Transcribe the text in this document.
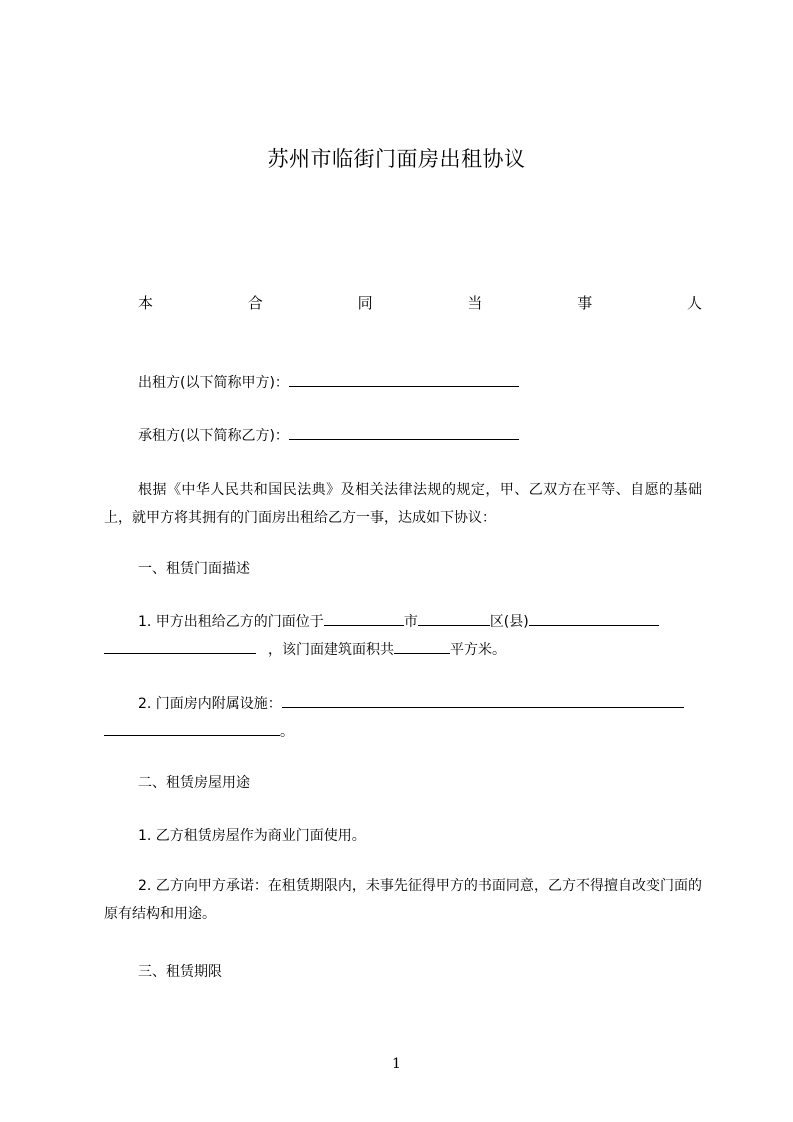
苏州市临街门面房出租协议
本	合	同	当	事	人
出租方(以下简称甲方)：
承租方(以下简称乙方)：
根据《中华人民共和国民法典》及相关法律法规的规定，甲、乙双方在平等、自愿的基础上，就甲方将其拥有的门面房出租给乙方一事，达成如下协议：
一、租赁门面描述
1. 甲方出租给乙方的门面位于	市	区(县)
，该门面建筑面积共	平方米。
2. 门面房内附属设施：
。
二、租赁房屋用途
1. 乙方租赁房屋作为商业门面使用。
2. 乙方向甲方承诺：在租赁期限内，未事先征得甲方的书面同意，乙方不得擅自改变门面的原有结构和用途。
三、租赁期限
1
